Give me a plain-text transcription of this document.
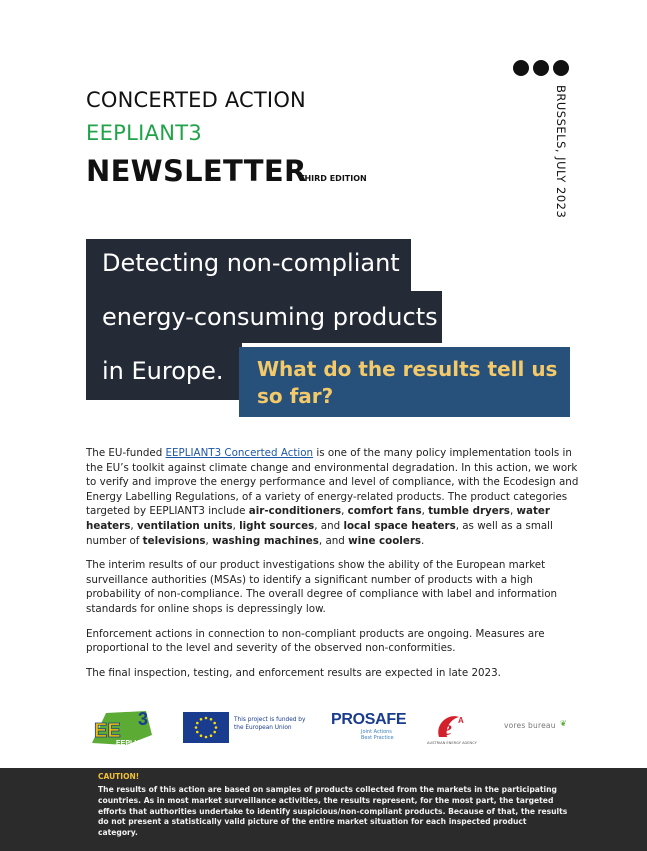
BRUSSELS, JULY 2023
CONCERTED ACTION
EEPLIANT3
NEWSLETTER
THIRD EDITION
Detecting non-compliant
energy-consuming products
in Europe. What do the results tell us so far?

The EU-funded EEPLIANT3 Concerted Action is one of the many policy implementation tools in the EU’s toolkit against climate change and environmental degradation. In this action, we work to verify and improve the energy performance and level of compliance, with the Ecodesign and Energy Labelling Regulations, of a variety of energy-related products. The product categories targeted by EEPLIANT3 include air-conditioners, comfort fans, tumble dryers, water heaters, ventilation units, light sources, and local space heaters, as well as a small number of televisions, washing machines, and wine coolers.

The interim results of our product investigations show the ability of the European market surveillance authorities (MSAs) to identify a significant number of products with a high probability of non-compliance. The overall degree of compliance with label and information standards for online shops is depressingly low.

Enforcement actions in connection to non-compliant products are ongoing. Measures are proportional to the level and severity of the observed non-conformities.

The final inspection, testing, and enforcement results are expected in late 2023.

EE
EEPLIANT
3	This project is funded by the European Union	PROSAFE
Joint Actions Best Practice	e A
AUSTRIAN ENERGY AGENCY
vores bureau ❦
CAUTION!
The results of this action are based on samples of products collected from the markets in the participating countries. As in most market surveillance activities, the results represent, for the most part, the targeted efforts that authorities undertake to identify suspicious/non-compliant products. Because of that, the results do not present a statistically valid picture of the entire market situation for each inspected product category.
